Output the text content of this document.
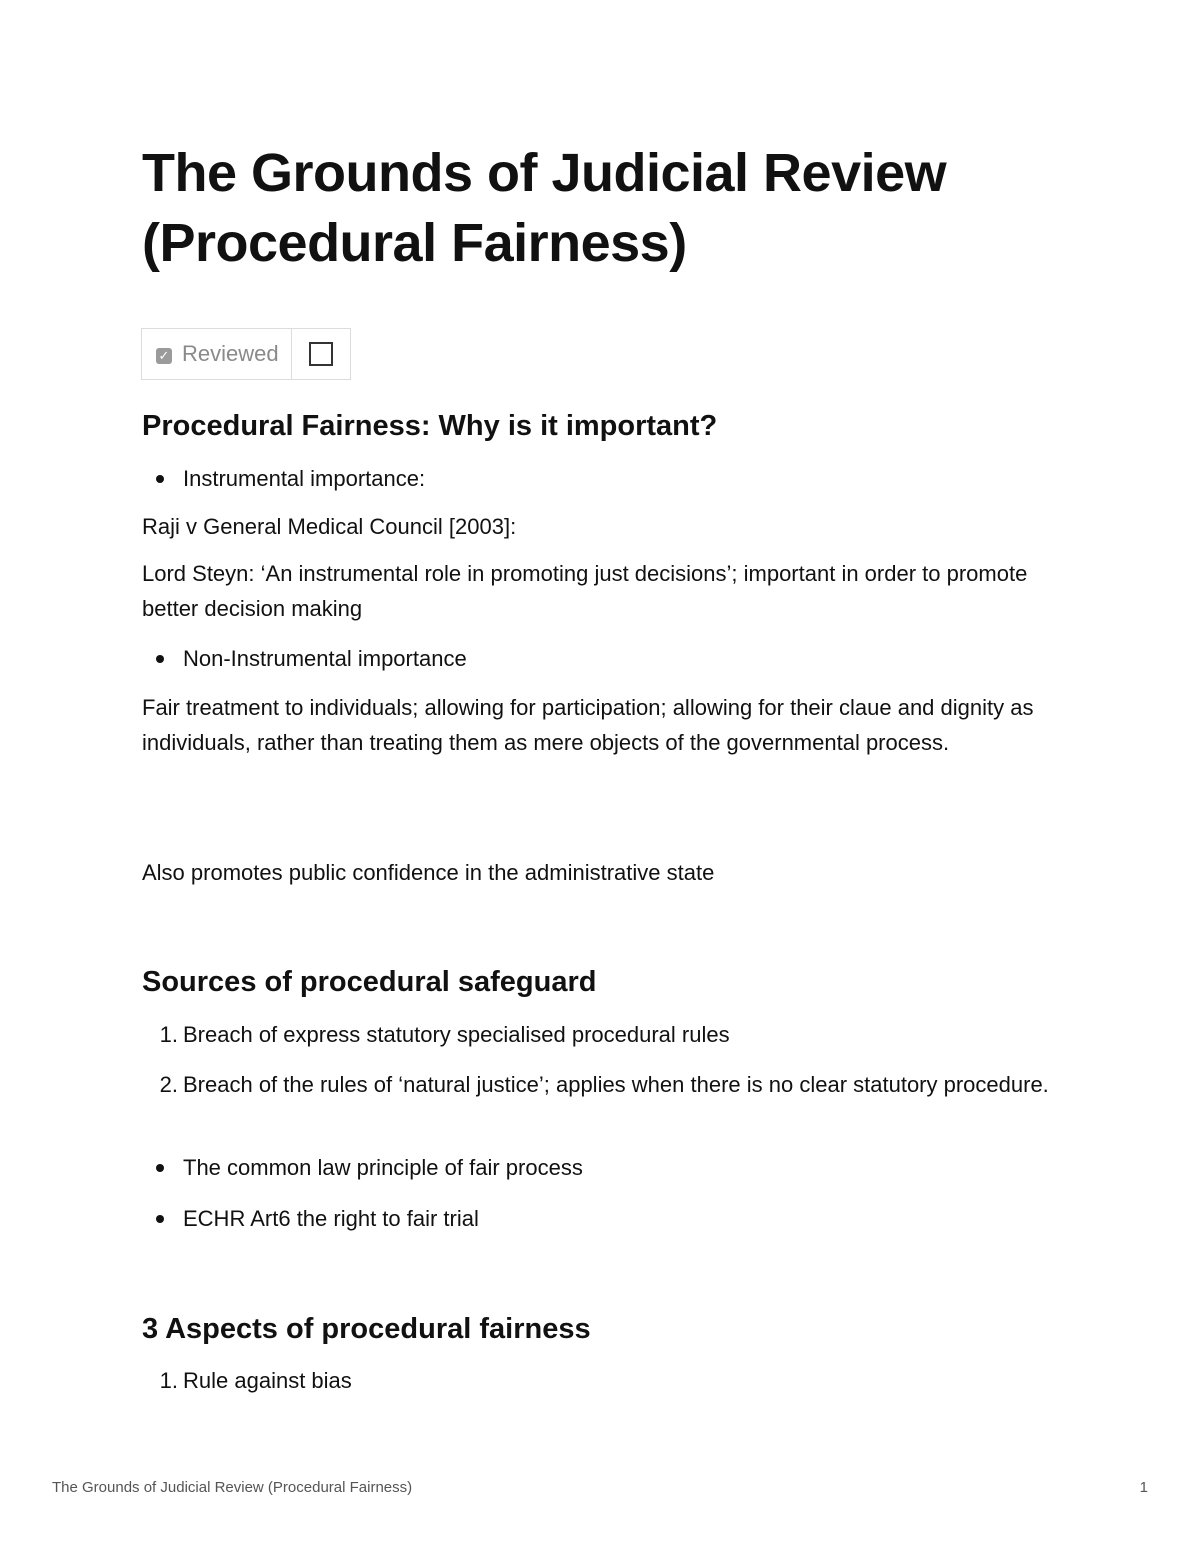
The Grounds of Judicial Review (Procedural Fairness)
✓ Reviewed
Procedural Fairness: Why is it important?
Instrumental importance:

Raji v General Medical Council [2003]:

Lord Steyn: ‘An instrumental role in promoting just decisions’; important in order to promote better decision making

Non-Instrumental importance

Fair treatment to individuals; allowing for participation; allowing for their claue and dignity as individuals, rather than treating them as mere objects of the governmental process.

Also promotes public confidence in the administrative state

Sources of procedural safeguard
1. Breach of express statutory specialised procedural rules
2. Breach of the rules of ‘natural justice’; applies when there is no clear statutory procedure.
The common law principle of fair process
ECHR Art6 the right to fair trial
3 Aspects of procedural fairness
1. Rule against bias
The Grounds of Judicial Review (Procedural Fairness)	1
